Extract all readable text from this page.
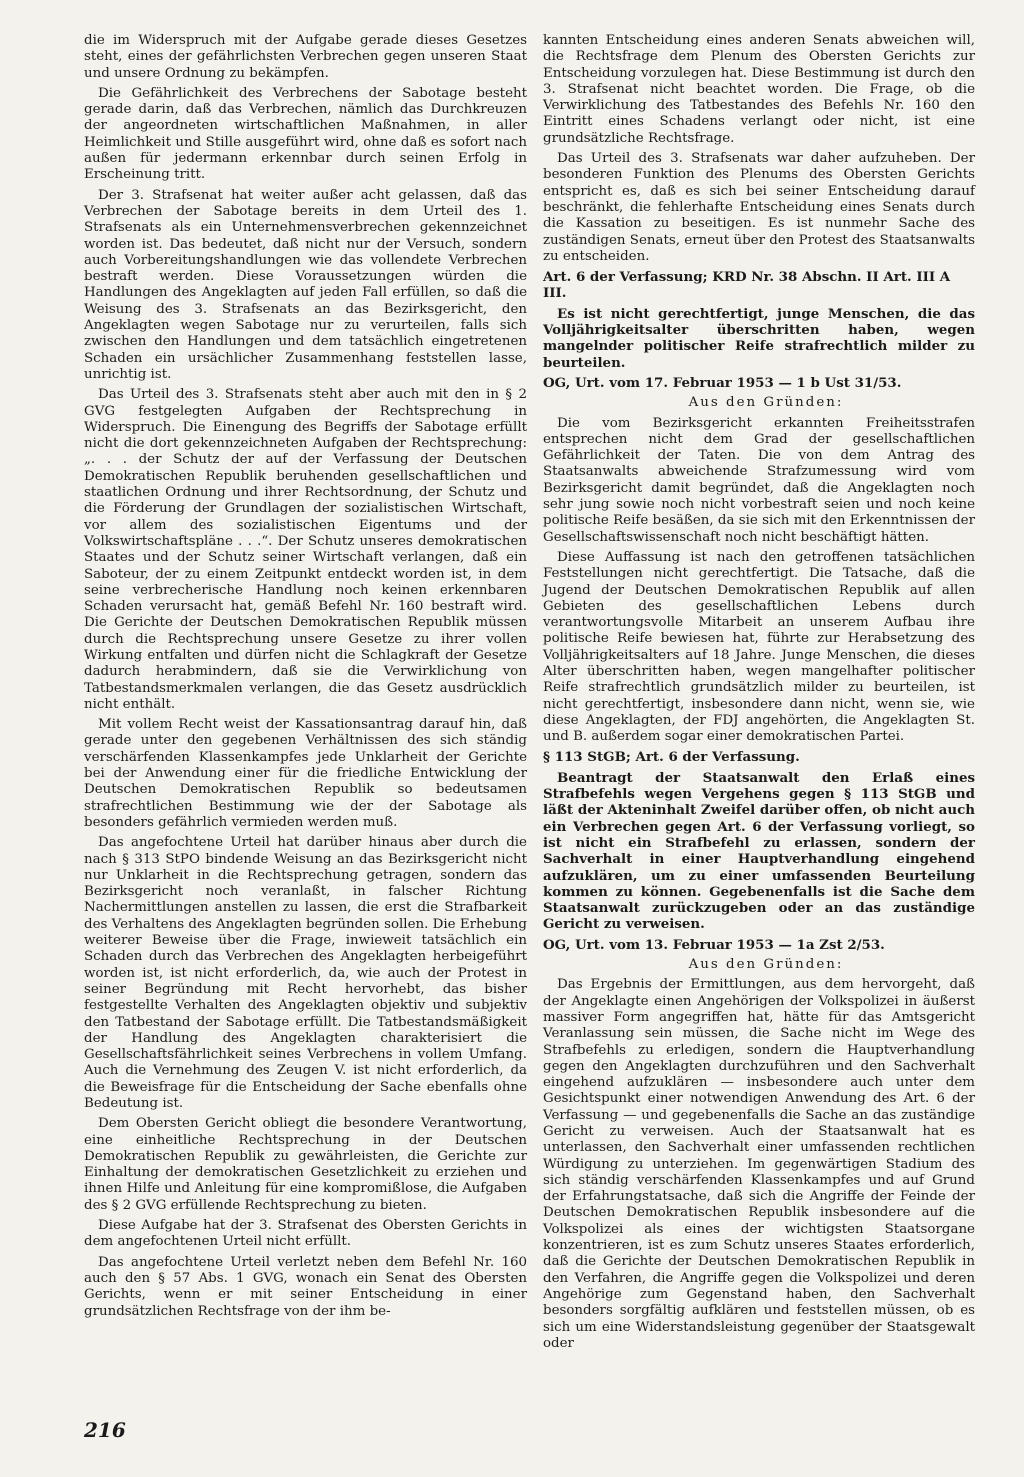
die im Widerspruch mit der Aufgabe gerade dieses Gesetzes steht, eines der gefährlichsten Verbrechen gegen unseren Staat und unsere Ordnung zu bekämpfen.

Die Gefährlichkeit des Verbrechens der Sabotage besteht gerade darin, daß das Verbrechen, nämlich das Durchkreuzen der angeordneten wirtschaftlichen Maßnahmen, in aller Heimlichkeit und Stille ausgeführt wird, ohne daß es sofort nach außen für jedermann erkennbar durch seinen Erfolg in Erscheinung tritt.

Der 3. Strafsenat hat weiter außer acht gelassen, daß das Verbrechen der Sabotage bereits in dem Urteil des 1. Strafsenats als ein Unternehmensverbrechen gekennzeichnet worden ist. Das bedeutet, daß nicht nur der Versuch, sondern auch Vorbereitungshandlungen wie das vollendete Verbrechen bestraft werden. Diese Voraussetzungen würden die Handlungen des Angeklagten auf jeden Fall erfüllen, so daß die Weisung des 3. Strafsenats an das Bezirksgericht, den Angeklagten wegen Sabotage nur zu verurteilen, falls sich zwischen den Handlungen und dem tatsächlich eingetretenen Schaden ein ursächlicher Zusammenhang feststellen lasse, unrichtig ist.

Das Urteil des 3. Strafsenats steht aber auch mit den in § 2 GVG festgelegten Aufgaben der Rechtsprechung in Widerspruch. Die Einengung des Begriffs der Sabotage erfüllt nicht die dort gekennzeichneten Aufgaben der Rechtsprechung: „. . . der Schutz der auf der Verfassung der Deutschen Demokratischen Republik beruhenden gesellschaftlichen und staatlichen Ordnung und ihrer Rechtsordnung, der Schutz und die Förderung der Grundlagen der sozialistischen Wirtschaft, vor allem des sozialistischen Eigentums und der Volkswirtschaftspläne . . .“. Der Schutz unseres demokratischen Staates und der Schutz seiner Wirtschaft verlangen, daß ein Saboteur, der zu einem Zeitpunkt entdeckt worden ist, in dem seine verbrecherische Handlung noch keinen erkennbaren Schaden verursacht hat, gemäß Befehl Nr. 160 bestraft wird. Die Gerichte der Deutschen Demokratischen Republik müssen durch die Rechtsprechung unsere Gesetze zu ihrer vollen Wirkung entfalten und dürfen nicht die Schlagkraft der Gesetze dadurch herabmindern, daß sie die Verwirklichung von Tatbestandsmerkmalen verlangen, die das Gesetz ausdrücklich nicht enthält.

Mit vollem Recht weist der Kassationsantrag darauf hin, daß gerade unter den gegebenen Verhältnissen des sich ständig verschärfenden Klassenkampfes jede Unklarheit der Gerichte bei der Anwendung einer für die friedliche Entwicklung der Deutschen Demokratischen Republik so bedeutsamen strafrechtlichen Bestimmung wie der der Sabotage als besonders gefährlich vermieden werden muß.

Das angefochtene Urteil hat darüber hinaus aber durch die nach § 313 StPO bindende Weisung an das Bezirksgericht nicht nur Unklarheit in die Rechtsprechung getragen, sondern das Bezirksgericht noch veranlaßt, in falscher Richtung Nachermittlungen anstellen zu lassen, die erst die Strafbarkeit des Verhaltens des Angeklagten begründen sollen. Die Erhebung weiterer Beweise über die Frage, inwieweit tatsächlich ein Schaden durch das Verbrechen des Angeklagten herbeigeführt worden ist, ist nicht erforderlich, da, wie auch der Protest in seiner Begründung mit Recht hervorhebt, das bisher festgestellte Verhalten des Angeklagten objektiv und subjektiv den Tatbestand der Sabotage erfüllt. Die Tatbestandsmäßigkeit der Handlung des Angeklagten charakterisiert die Gesellschaftsfährlichkeit seines Verbrechens in vollem Umfang. Auch die Vernehmung des Zeugen V. ist nicht erforderlich, da die Beweisfrage für die Entscheidung der Sache ebenfalls ohne Bedeutung ist.

Dem Obersten Gericht obliegt die besondere Verantwortung, eine einheitliche Rechtsprechung in der Deutschen Demokratischen Republik zu gewährleisten, die Gerichte zur Einhaltung der demokratischen Gesetzlichkeit zu erziehen und ihnen Hilfe und Anleitung für eine kompromißlose, die Aufgaben des § 2 GVG erfüllende Rechtsprechung zu bieten.

Diese Aufgabe hat der 3. Strafsenat des Obersten Gerichts in dem angefochtenen Urteil nicht erfüllt.

Das angefochtene Urteil verletzt neben dem Befehl Nr. 160 auch den § 57 Abs. 1 GVG, wonach ein Senat des Obersten Gerichts, wenn er mit seiner Entscheidung in einer grundsätzlichen Rechtsfrage von der ihm be-

kannten Entscheidung eines anderen Senats abweichen will, die Rechtsfrage dem Plenum des Obersten Gerichts zur Entscheidung vorzulegen hat. Diese Bestimmung ist durch den 3. Strafsenat nicht beachtet worden. Die Frage, ob die Verwirklichung des Tatbestandes des Befehls Nr. 160 den Eintritt eines Schadens verlangt oder nicht, ist eine grundsätzliche Rechtsfrage.

Das Urteil des 3. Strafsenats war daher aufzuheben. Der besonderen Funktion des Plenums des Obersten Gerichts entspricht es, daß es sich bei seiner Entscheidung darauf beschränkt, die fehlerhafte Entscheidung eines Senats durch die Kassation zu beseitigen. Es ist nunmehr Sache des zuständigen Senats, erneut über den Protest des Staatsanwalts zu entscheiden.

Art. 6 der Verfassung; KRD Nr. 38 Abschn. II Art. III A III.

Es ist nicht gerechtfertigt, junge Menschen, die das Volljährigkeitsalter überschritten haben, wegen mangelnder politischer Reife strafrechtlich milder zu beurteilen.

OG, Urt. vom 17. Februar 1953 — 1 b Ust 31/53.

Aus den Gründen:

Die vom Bezirksgericht erkannten Freiheitsstrafen entsprechen nicht dem Grad der gesellschaftlichen Gefährlichkeit der Taten. Die von dem Antrag des Staatsanwalts abweichende Strafzumessung wird vom Bezirksgericht damit begründet, daß die Angeklagten noch sehr jung sowie noch nicht vorbestraft seien und noch keine politische Reife besäßen, da sie sich mit den Erkenntnissen der Gesellschaftswissenschaft noch nicht beschäftigt hätten.

Diese Auffassung ist nach den getroffenen tatsächlichen Feststellungen nicht gerechtfertigt. Die Tatsache, daß die Jugend der Deutschen Demokratischen Republik auf allen Gebieten des gesellschaftlichen Lebens durch verantwortungsvolle Mitarbeit an unserem Aufbau ihre politische Reife bewiesen hat, führte zur Herabsetzung des Volljährigkeitsalters auf 18 Jahre. Junge Menschen, die dieses Alter überschritten haben, wegen mangelhafter politischer Reife strafrechtlich grundsätzlich milder zu beurteilen, ist nicht gerechtfertigt, insbesondere dann nicht, wenn sie, wie diese Angeklagten, der FDJ angehörten, die Angeklagten St. und B. außerdem sogar einer demokratischen Partei.

§ 113 StGB; Art. 6 der Verfassung.

Beantragt der Staatsanwalt den Erlaß eines Strafbefehls wegen Vergehens gegen § 113 StGB und läßt der Akteninhalt Zweifel darüber offen, ob nicht auch ein Verbrechen gegen Art. 6 der Verfassung vorliegt, so ist nicht ein Strafbefehl zu erlassen, sondern der Sachverhalt in einer Hauptverhandlung eingehend aufzuklären, um zu einer umfassenden Beurteilung kommen zu können. Gegebenenfalls ist die Sache dem Staatsanwalt zurückzugeben oder an das zuständige Gericht zu verweisen.

OG, Urt. vom 13. Februar 1953 — 1a Zst 2/53.

Aus den Gründen:

Das Ergebnis der Ermittlungen, aus dem hervorgeht, daß der Angeklagte einen Angehörigen der Volkspolizei in äußerst massiver Form angegriffen hat, hätte für das Amtsgericht Veranlassung sein müssen, die Sache nicht im Wege des Strafbefehls zu erledigen, sondern die Hauptverhandlung gegen den Angeklagten durchzuführen und den Sachverhalt eingehend aufzuklären — insbesondere auch unter dem Gesichtspunkt einer notwendigen Anwendung des Art. 6 der Verfassung — und gegebenenfalls die Sache an das zuständige Gericht zu verweisen. Auch der Staatsanwalt hat es unterlassen, den Sachverhalt einer umfassenden rechtlichen Würdigung zu unterziehen. Im gegenwärtigen Stadium des sich ständig verschärfenden Klassenkampfes und auf Grund der Erfahrungstatsache, daß sich die Angriffe der Feinde der Deutschen Demokratischen Republik insbesondere auf die Volkspolizei als eines der wichtigsten Staatsorgane konzentrieren, ist es zum Schutz unseres Staates erforderlich, daß die Gerichte der Deutschen Demokratischen Republik in den Verfahren, die Angriffe gegen die Volkspolizei und deren Angehörige zum Gegenstand haben, den Sachverhalt besonders sorgfältig aufklären und feststellen müssen, ob es sich um eine Widerstandsleistung gegenüber der Staatsgewalt oder

216
